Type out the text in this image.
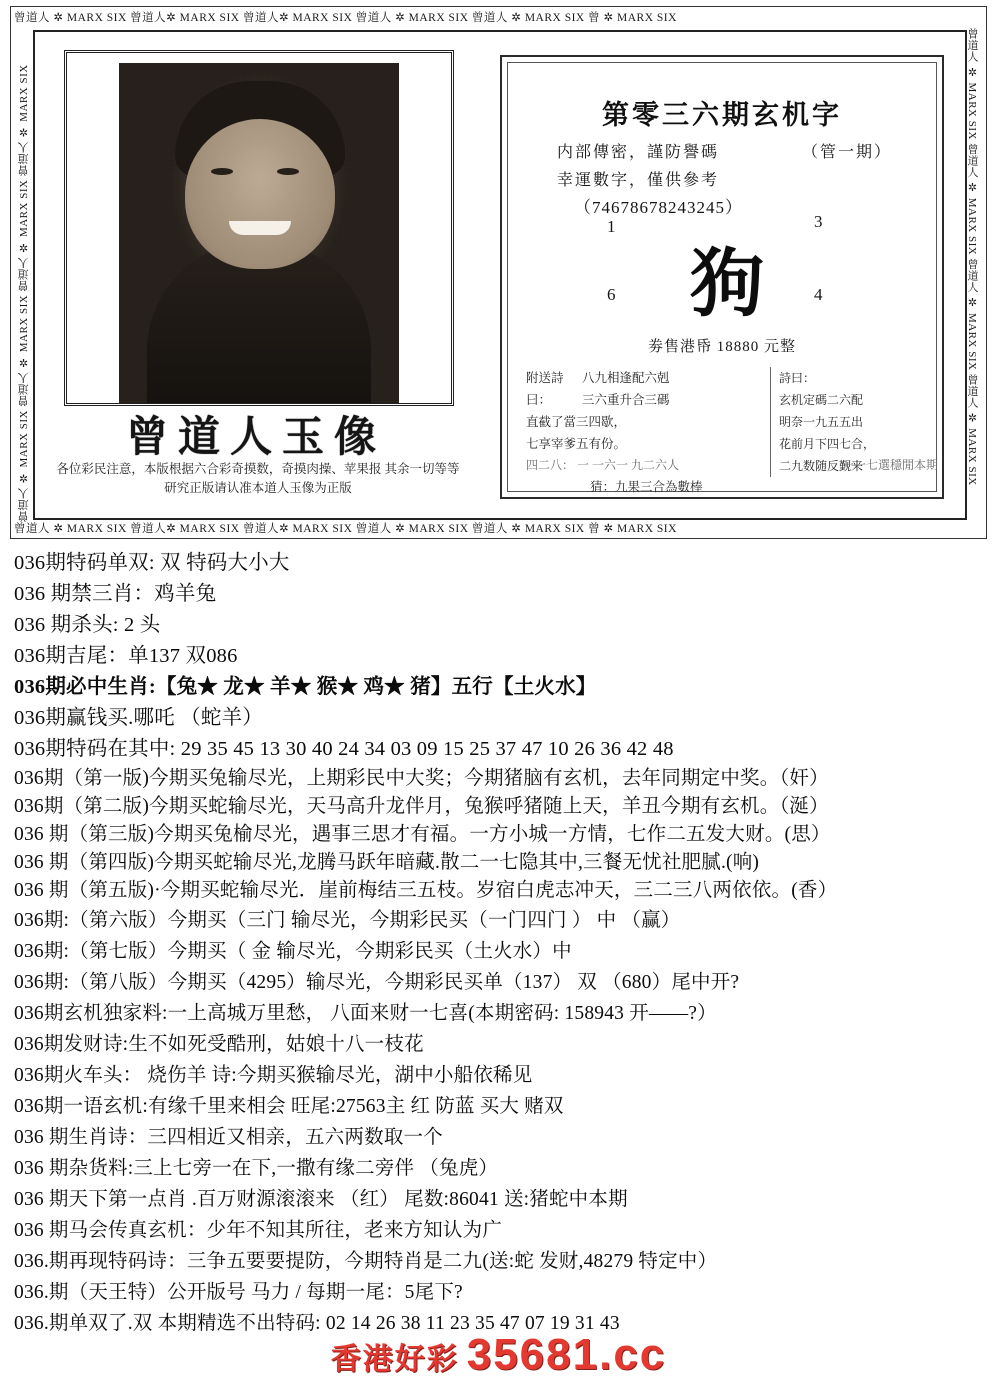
曾道人 ✲ MARX SIX 曾道人✲ MARX SIX 曾道人✲ MARX SIX 曾道人 ✲ MARX SIX 曾道人 ✲ MARX SIX 曾 ✲ MARX SIX
曾道人 ✲ MARX SIX 曾道人✲ MARX SIX 曾道人✲ MARX SIX 曾道人 ✲ MARX SIX 曾道人 ✲ MARX SIX 曾 ✲ MARX SIX
曾道人 ✲ MARX SIX 曾道人 ✲ MARX SIX 曾道人 ✲ MARX SIX 曾道人 ✲ MARX SIX	曾道人 ✲ MARX SIX 曾道人 ✲ MARX SIX 曾道人 ✲ MARX SIX 曾道人 ✲ MARX SIX
曾道人玉像
各位彩民注意，本版根据六合彩奇摸数，奇摸肉操、苹果报 其余一切等等研究正版请认准本道人玉像为正版
第零三六期玄机字
内部傳密，謹防譽碼	（管一期）
幸運數字，僅供參考
（74678678243245）
1	3
6	4
狗
劵售港帋 18880 元整
附送詩曰：
八九相逢配六剋
三六重升合三碼
直截了當三四歇，
七享宰爹五有份。
詩曰：
玄机定碼二六配
明奈一九五五出
花前月下四七合，
二九数随反觐来
四二八： 一 一六一 九二六人	一一七選穩閒本期
猜：九果三合為數棒
036期特码单双: 双 特码大小大
036 期禁三肖：鸡羊兔
036 期杀头: 2 头
036期吉尾：单137 双086
036期必中生肖:【兔★ 龙★ 羊★ 猴★ 鸡★ 猪】五行【土火水】
036期赢钱买.哪吒 （蛇羊）
036期特码在其中: 29 35 45 13 30 40 24 34 03 09 15 25 37 47 10 26 36 42 48
036期（第一版)今期买兔输尽光，上期彩民中大奖；今期猪脑有玄机，去年同期定中奖。（奸）
036期（第二版)今期买蛇输尽光，天马高升龙伴月，兔猴呼猪随上天，羊丑今期有玄机。（涎）
036 期（第三版)今期买兔榆尽光，遇事三思才有福。一方小城一方情，七作二五发大财。(思）
036 期（第四版)今期买蛇输尽光,龙腾马跃年暗藏.散二一七隐其中,三餐无忧社肥腻.(响)
036 期（第五版)·今期买蛇输尽光．崖前梅结三五枝。岁宿白虎志冲天，三二三八两依依。(香）
036期:（第六版）今期买（三门 输尽光，今期彩民买（一门四门 ） 中 （赢）
036期:（第七版）今期买（ 金 输尽光，今期彩民买（土火水）中
036期:（第八版）今期买（4295）输尽光，今期彩民买单（137） 双 （680）尾中开?
036期玄机独家料:一上高城万里愁， 八面来财一七喜(本期密码: 158943 开——?）
036期发财诗:生不如死受酷刑，姑娘十八一枝花
036期火车头： 烧伤羊 诗:今期买猴输尽光，湖中小船依稀见
036期一语玄机:有缘千里来相会 旺尾:27563主 红 防蓝 买大 赌双
036 期生肖诗：三四相近又相亲，五六两数取一个
036 期杂货料:三上七旁一在下,一撒有缘二旁伴 （兔虎）
036 期天下第一点肖 .百万财源滚滚来 （红） 尾数:86041 送:猪蛇中本期
036 期马会传真玄机：少年不知其所往，老来方知认为广
036.期再现特码诗：三争五要要提防，今期特肖是二九(送:蛇 发财,48279 特定中）
036.期（天王特）公开版号 马力 / 每期一尾：5尾下?
036.期单双了.双 本期精选不出特码: 02 14 26 38 11 23 35 47 07 19 31 43
香港好彩 35681.cc
